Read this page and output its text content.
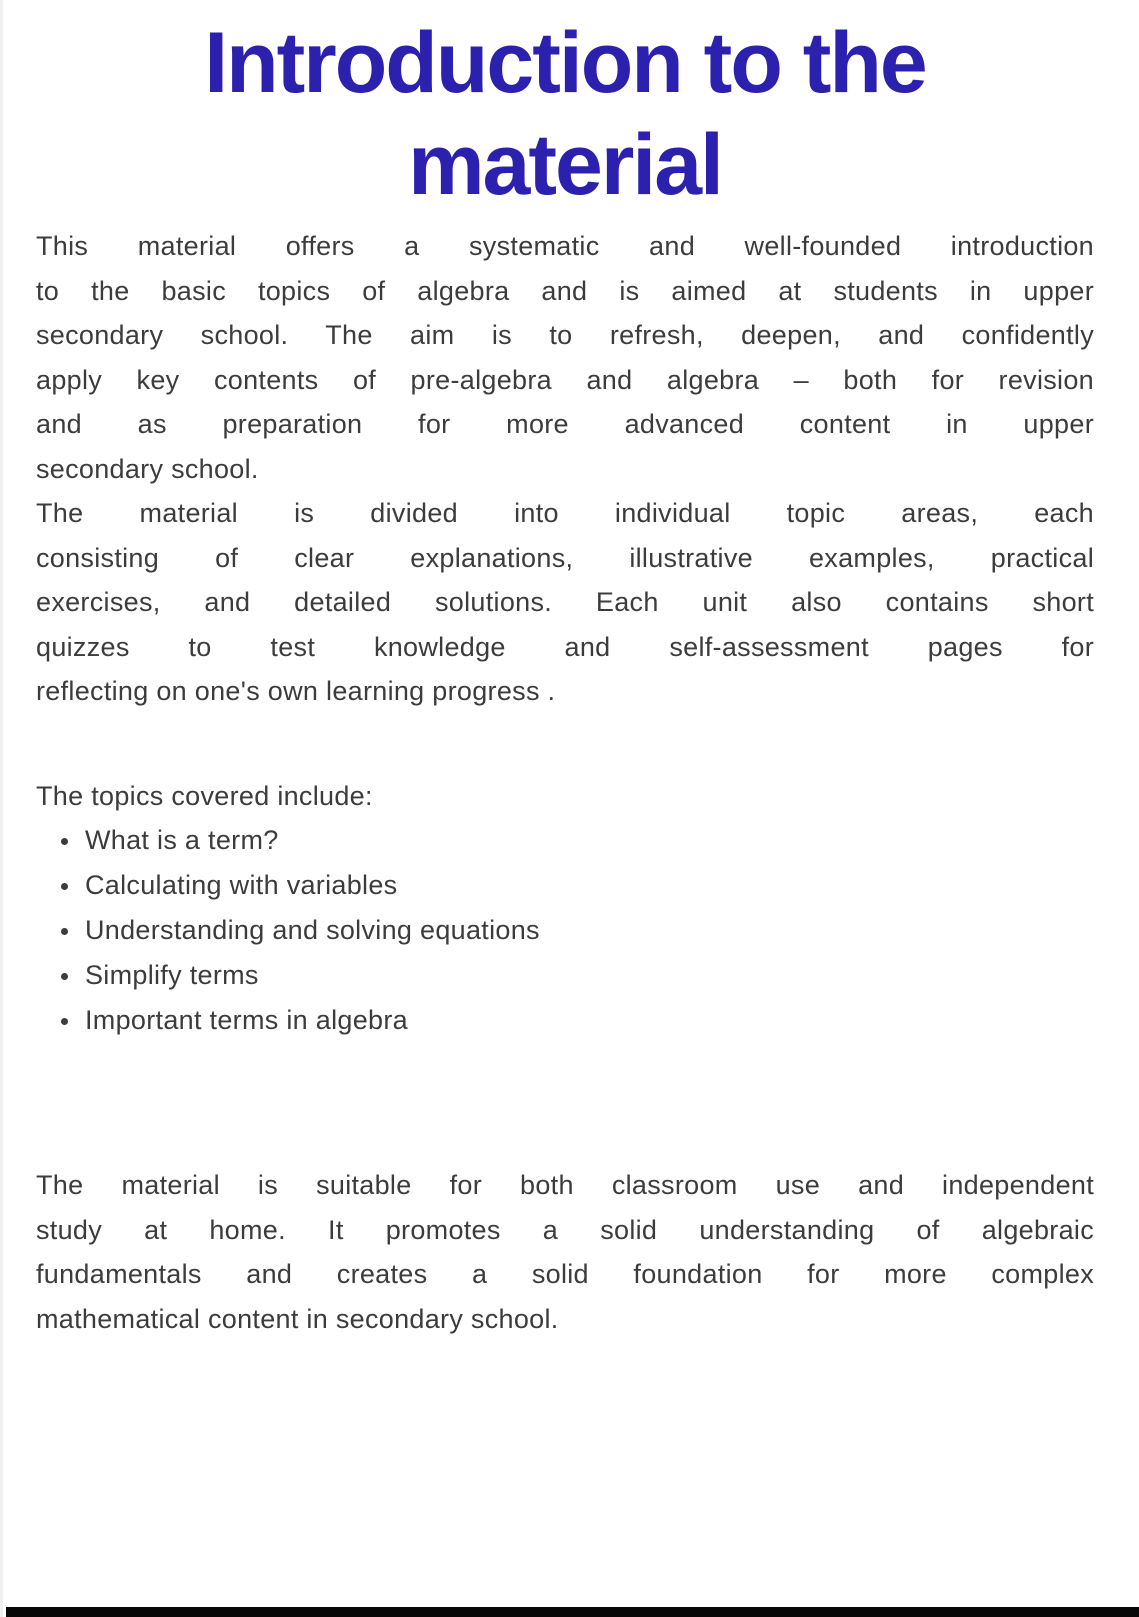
Introduction to the
material
This material offers a systematic and well-founded introduction
to the basic topics of algebra and is aimed at students in upper
secondary school. The aim is to refresh, deepen, and confidently
apply key contents of pre-algebra and algebra – both for revision
and as preparation for more advanced content in upper
secondary school.
The material is divided into individual topic areas, each
consisting of clear explanations, illustrative examples, practical
exercises, and detailed solutions. Each unit also contains short
quizzes to test knowledge and self-assessment pages for
reflecting on one's own learning progress .
The topics covered include:
What is a term?
Calculating with variables
Understanding and solving equations
Simplify terms
Important terms in algebra
The material is suitable for both classroom use and independent
study at home. It promotes a solid understanding of algebraic
fundamentals and creates a solid foundation for more complex
mathematical content in secondary school.
